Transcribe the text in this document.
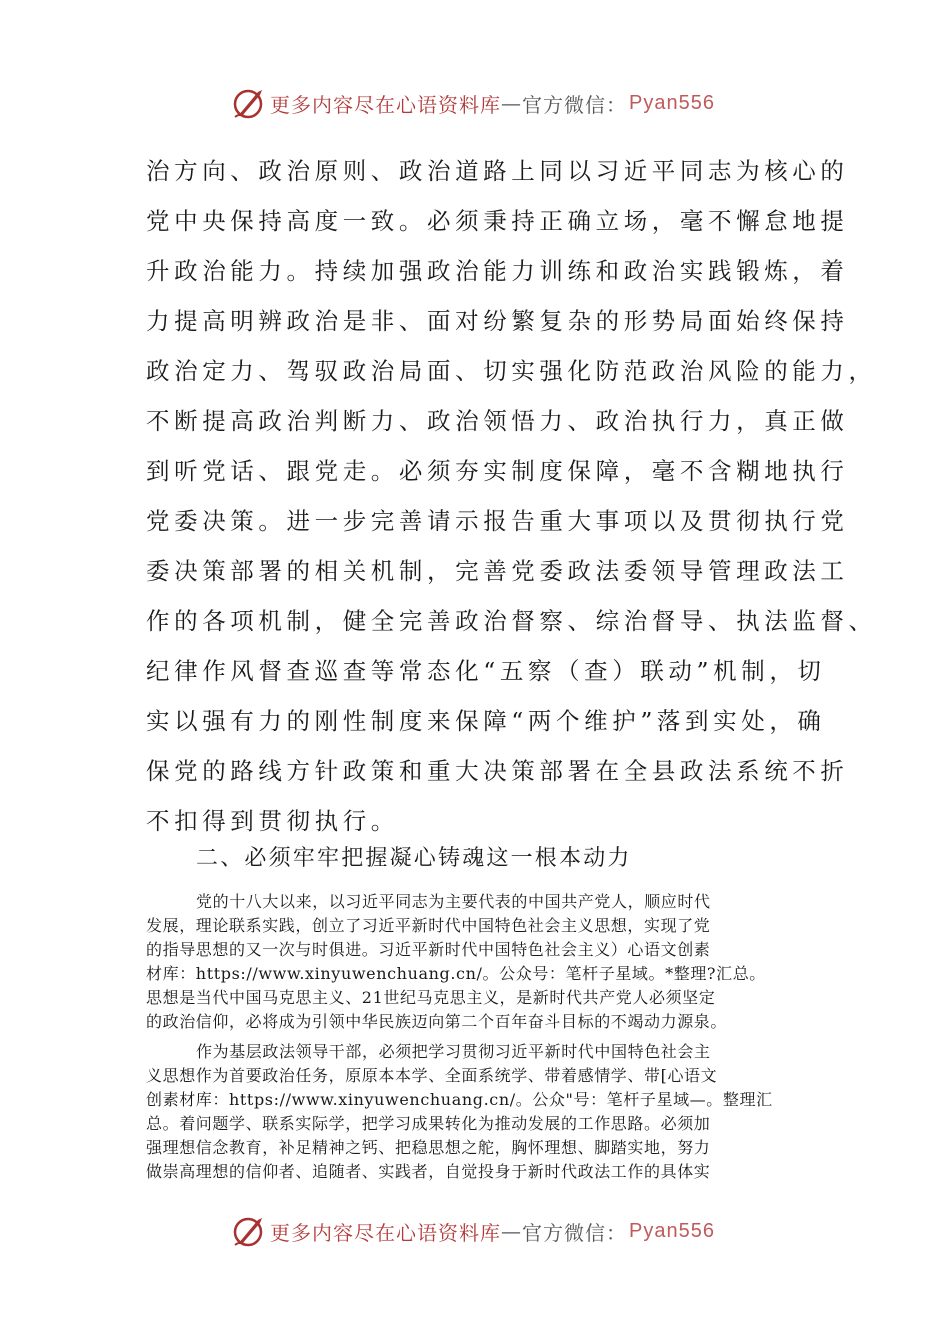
更多内容尽在心语资料库 — 官方微信： Pyan556
治方向、政治原则、政治道路上同以习近平同志为核心的
党中央保持高度一致。必须秉持正确立场，毫不懈怠地提
升政治能力。持续加强政治能力训练和政治实践锻炼，着
力提高明辨政治是非、面对纷繁复杂的形势局面始终保持
政治定力、驾驭政治局面、切实强化防范政治风险的能力，
不断提高政治判断力、政治领悟力、政治执行力，真正做
到听党话、跟党走。必须夯实制度保障，毫不含糊地执行
党委决策。进一步完善请示报告重大事项以及贯彻执行党
委决策部署的相关机制，完善党委政法委领导管理政法工
作的各项机制，健全完善政治督察、综治督导、执法监督、
纪律作风督查巡查等常态化“五察（查）联动”机制，切
实以强有力的刚性制度来保障“两个维护”落到实处，确
保党的路线方针政策和重大决策部署在全县政法系统不折
不扣得到贯彻执行。
二、必须牢牢把握凝心铸魂这一根本动力
党的十八大以来，以习近平同志为主要代表的中国共产党人，顺应时代
发展，理论联系实践，创立了习近平新时代中国特色社会主义思想，实现了党
的指导思想的又一次与时俱进。习近平新时代中国特色社会主义）心语文创素
材库：https://www.xinyuwenchuang.cn/。公众号：笔杆子星域。*整理?汇总。
思想是当代中国马克思主义、21世纪马克思主义，是新时代共产党人必须坚定
的政治信仰，必将成为引领中华民族迈向第二个百年奋斗目标的不竭动力源泉。
作为基层政法领导干部，必须把学习贯彻习近平新时代中国特色社会主
义思想作为首要政治任务，原原本本学、全面系统学、带着感情学、带[心语文
创素材库：https://www.xinyuwenchuang.cn/。公众"号：笔杆子星域—。整理汇
总。着问题学、联系实际学，把学习成果转化为推动发展的工作思路。必须加
强理想信念教育，补足精神之钙、把稳思想之舵，胸怀理想、脚踏实地，努力
做崇高理想的信仰者、追随者、实践者，自觉投身于新时代政法工作的具体实
更多内容尽在心语资料库 — 官方微信： Pyan556
